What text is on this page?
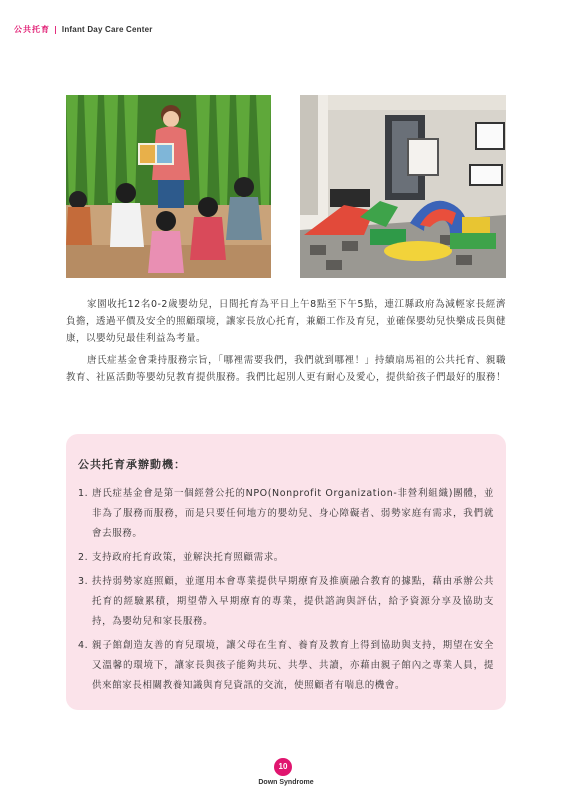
公共托育 | Infant Day Care Center

家園收托12名0-2歲嬰幼兒，日間托育為平日上午8點至下午5點，連江縣政府為減輕家長經濟負擔，透過平價及安全的照顧環境，讓家長放心托育，兼顧工作及育兒，並確保嬰幼兒快樂成長與健康，以嬰幼兒最佳利益為考量。

唐氏症基金會秉持服務宗旨，「哪裡需要我們，我們就到哪裡！」持續扇馬祖的公共托育、親職教育、社區活動等嬰幼兒教育提供服務。我們比起別人更有耐心及愛心，提供給孩子們最好的服務！

公共托育承辦動機：
1. 唐氏症基金會是第一個經營公托的NPO(Nonprofit Organization-非營利組織)團體，並非為了服務而服務，而是只要任何地方的嬰幼兒、身心障礙者、弱勢家庭有需求，我們就會去服務。
2. 支持政府托育政策，並解決托育照顧需求。
3. 扶持弱勢家庭照顧，並運用本會專業提供早期療育及推廣融合教育的據點，藉由承辦公共托育的經驗累積，期望帶入早期療育的專業，提供諮詢與評估，給予資源分享及協助支持，為嬰幼兒和家長服務。
4. 親子館創造友善的育兒環境，讓父母在生育、養育及教育上得到協助與支持，期望在安全又溫馨的環境下，讓家長與孩子能夠共玩、共學、共讀，亦藉由親子館內之專業人員，提供來館家長相關教養知識與育兒資訊的交流，使照顧者有喘息的機會。
10
Down Syndrome
